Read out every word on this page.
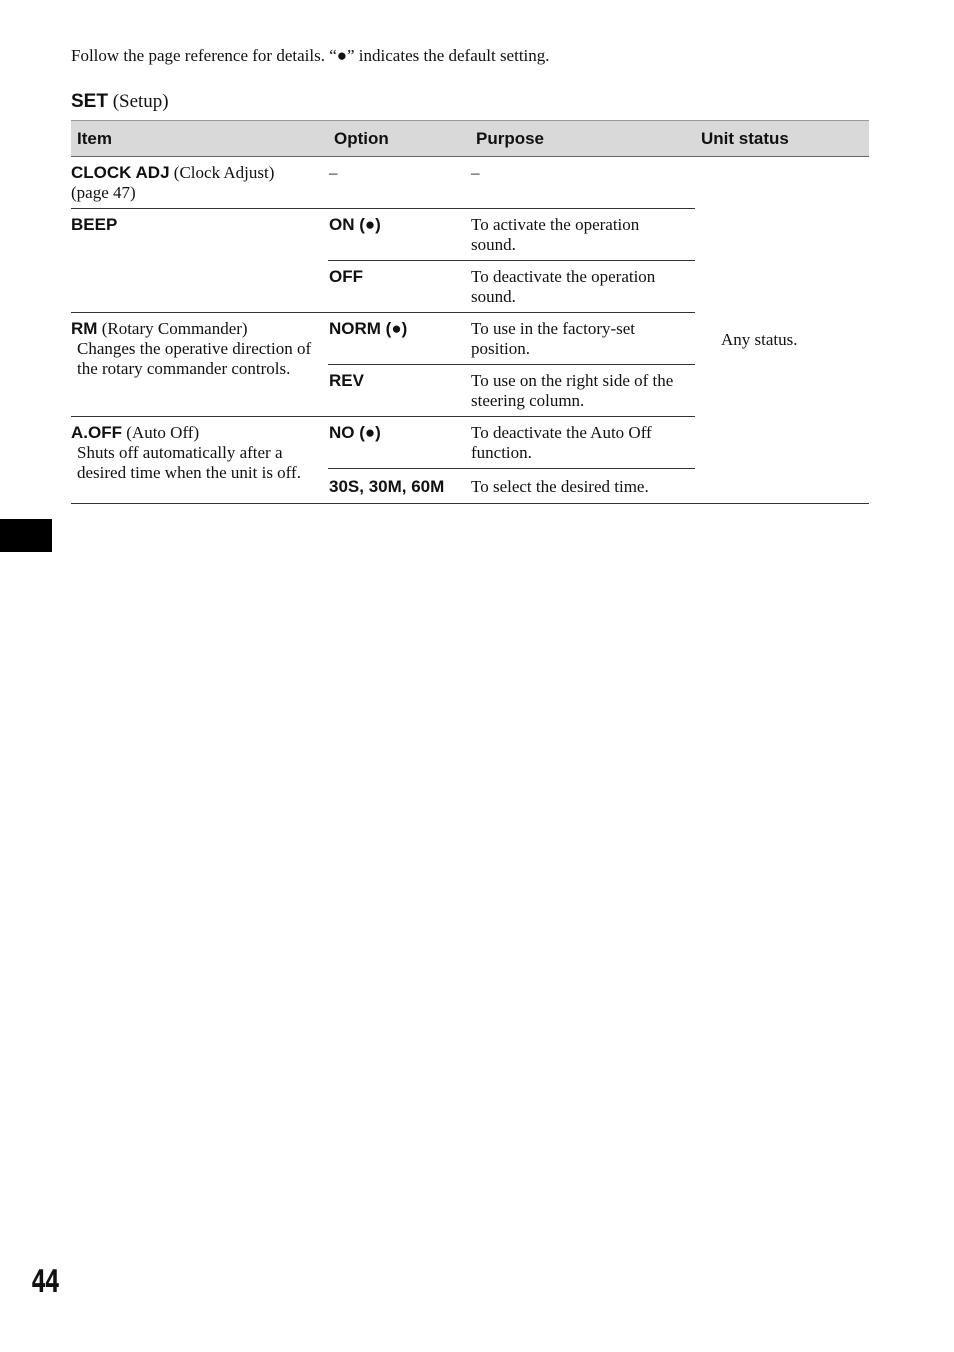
Follow the page reference for details. “●” indicates the default setting.

SET (Setup)
Item	Option	Purpose	Unit status
CLOCK ADJ (Clock Adjust)
(page 47)	–	–	Any status.
BEEP	ON (●)	To activate the operation sound.	
	OFF	To deactivate the operation sound.	
RM (Rotary Commander)
Changes the operative direction of the rotary commander controls.	NORM (●)	To use in the factory-set position.	
	REV	To use on the right side of the steering column.	
A.OFF (Auto Off)
Shuts off automatically after a desired time when the unit is off.	NO (●)	To deactivate the Auto Off function.	
	30S, 30M, 60M	To select the desired time.	
44
